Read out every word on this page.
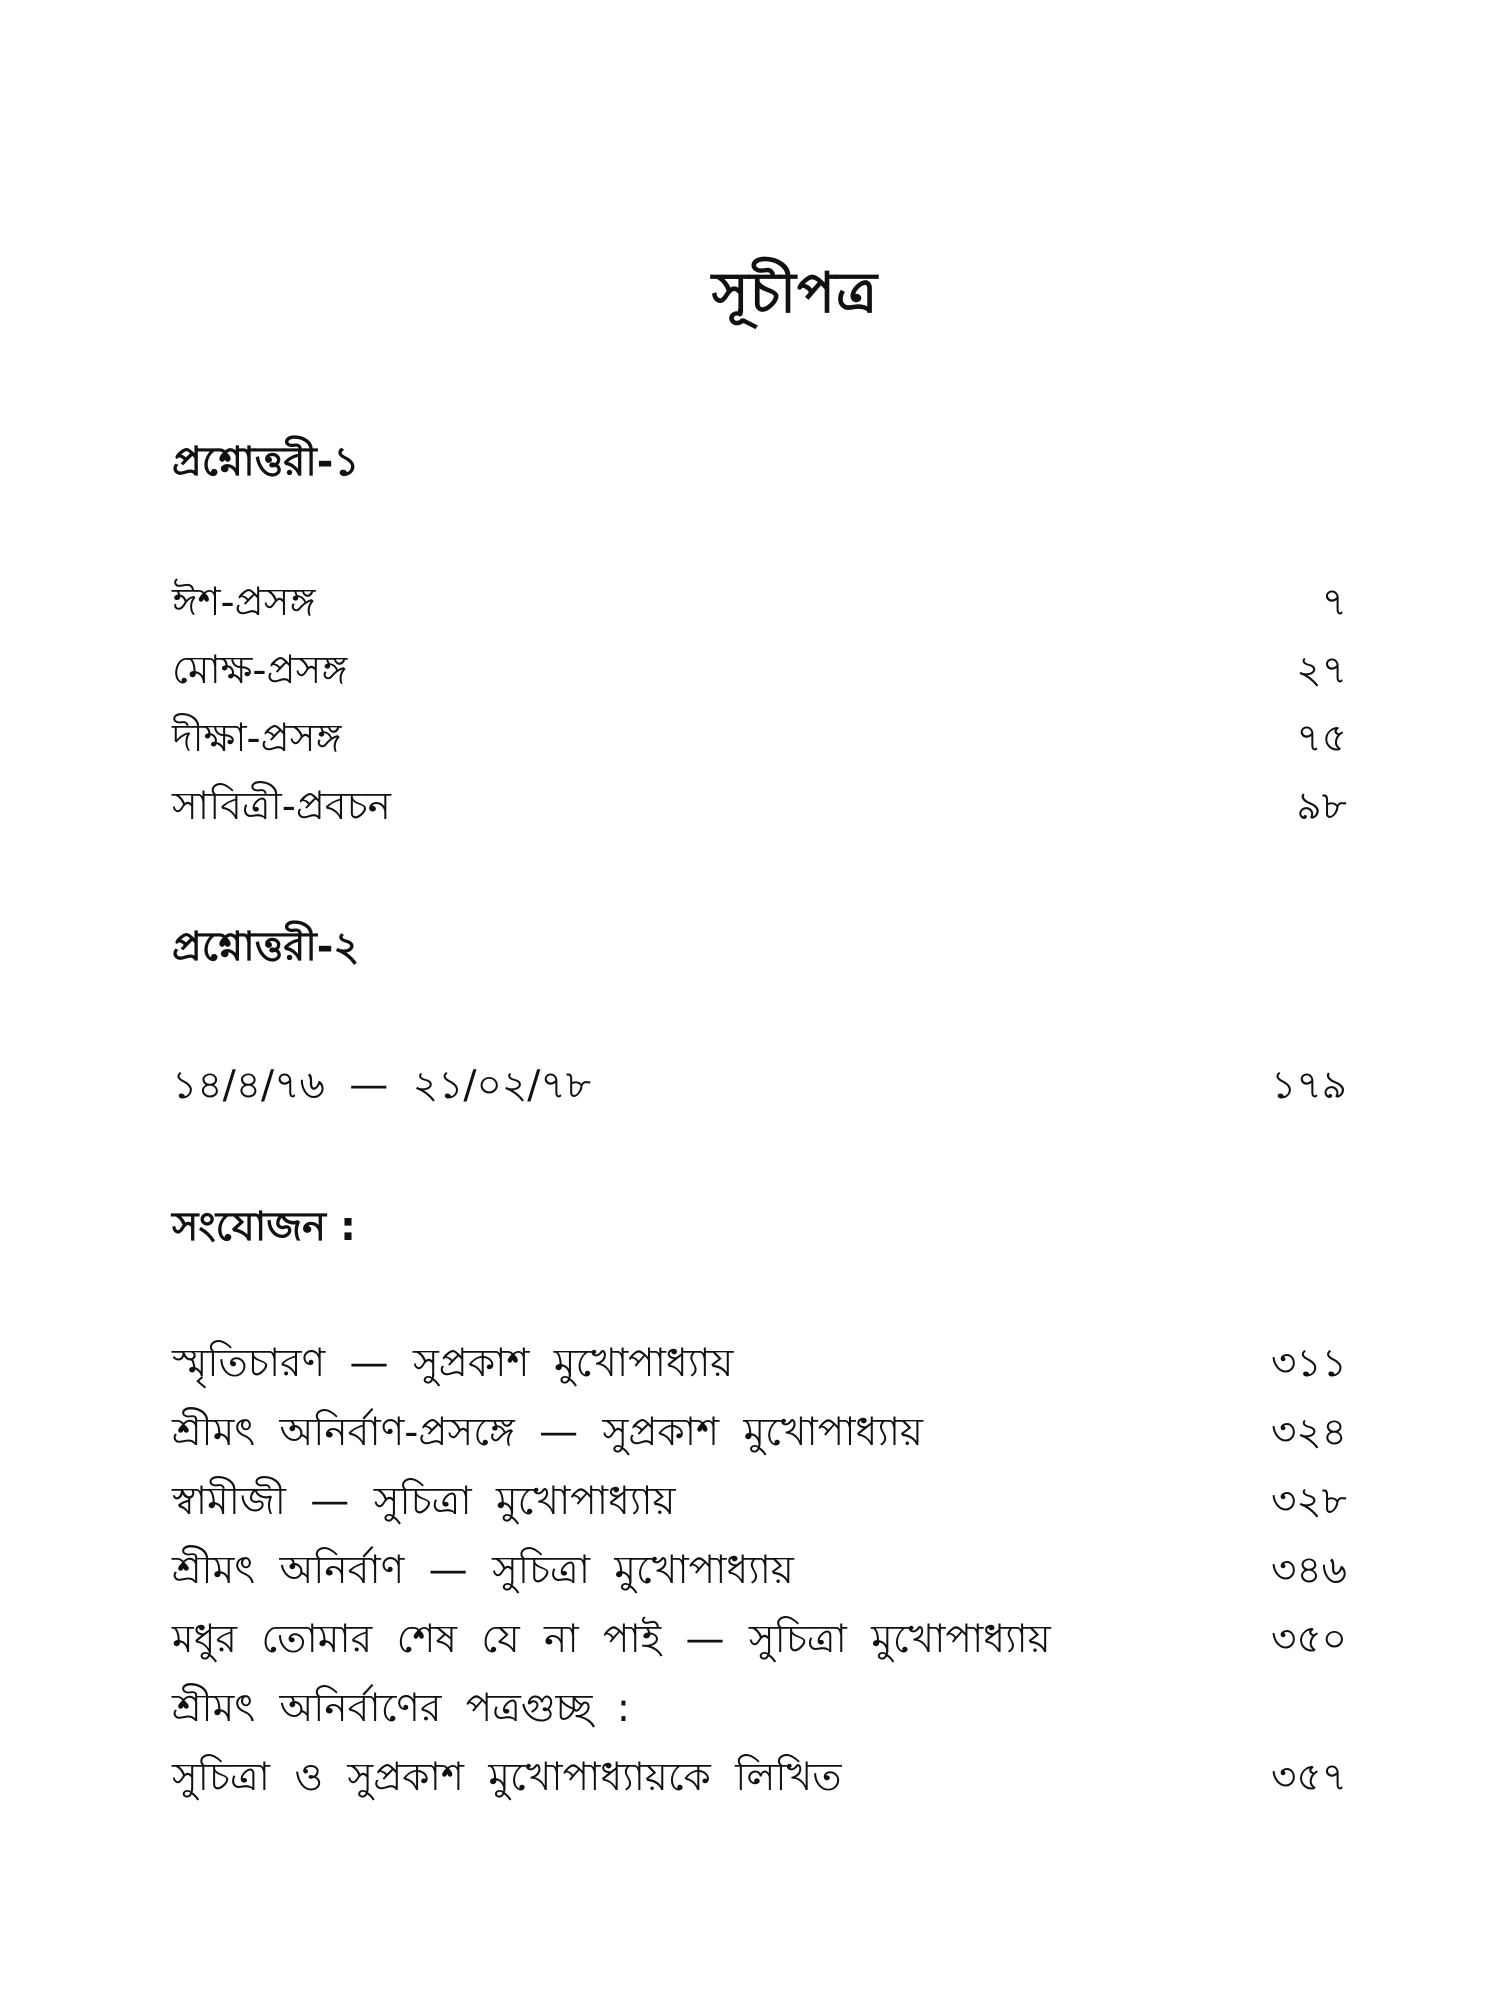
সূচীপত্র
প্রশ্নোত্তরী-১
ঈশ-প্রসঙ্গ	৭
মোক্ষ-প্রসঙ্গ	২৭
দীক্ষা-প্রসঙ্গ	৭৫
সাবিত্রী-প্রবচন	৯৮
প্রশ্নোত্তরী-২
১৪/৪/৭৬ — ২১/০২/৭৮	১৭৯
সংযোজন :
স্মৃতিচারণ — সুপ্রকাশ মুখোপাধ্যায়	৩১১
শ্রীমৎ অনির্বাণ-প্রসঙ্গে — সুপ্রকাশ মুখোপাধ্যায়	৩২৪
স্বামীজী — সুচিত্রা মুখোপাধ্যায়	৩২৮
শ্রীমৎ অনির্বাণ — সুচিত্রা মুখোপাধ্যায়	৩৪৬
মধুর তোমার শেষ যে না পাই — সুচিত্রা মুখোপাধ্যায়	৩৫০
শ্রীমৎ অনির্বাণের পত্রগুচ্ছ :
সুচিত্রা ও সুপ্রকাশ মুখোপাধ্যায়কে লিখিত	৩৫৭
